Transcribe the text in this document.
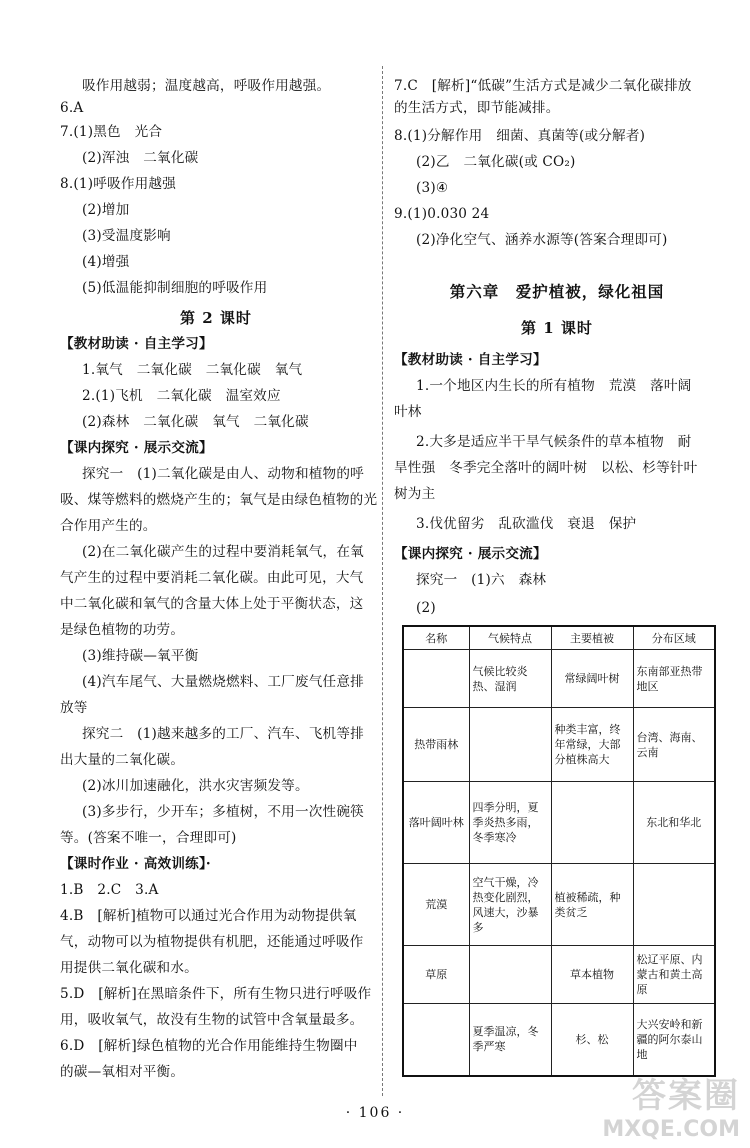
吸作用越弱；温度越高，呼吸作用越强。
6.A
7.(1)黑色　光合
(2)浑浊　二氧化碳
8.(1)呼吸作用越强
(2)增加
(3)受温度影响
(4)增强
(5)低温能抑制细胞的呼吸作用
第 2 课时
【教材助读 · 自主学习】
1.氧气　二氧化碳　二氧化碳　氧气
2.(1)飞机　二氧化碳　温室效应
(2)森林　二氧化碳　氧气　二氧化碳
【课内探究 · 展示交流】
探究一　(1)二氧化碳是由人、动物和植物的呼
吸、煤等燃料的燃烧产生的；氧气是由绿色植物的光
合作用产生的。
(2)在二氧化碳产生的过程中要消耗氧气，在氧
气产生的过程中要消耗二氧化碳。由此可见，大气
中二氧化碳和氧气的含量大体上处于平衡状态，这
是绿色植物的功劳。
(3)维持碳—氧平衡
(4)汽车尾气、大量燃烧燃料、工厂废气任意排
放等
探究二　(1)越来越多的工厂、汽车、飞机等排
出大量的二氧化碳。
(2)冰川加速融化，洪水灾害频发等。
(3)多步行，少开车；多植树，不用一次性碗筷
等。(答案不唯一，合理即可)
【课时作业 · 高效训练】·
1.B　2.C　3.A
4.B　[解析]植物可以通过光合作用为动物提供氧
气，动物可以为植物提供有机肥，还能通过呼吸作
用提供二氧化碳和水。
5.D　[解析]在黑暗条件下，所有生物只进行呼吸作
用，吸收氧气，故没有生物的试管中含氧量最多。
6.D　[解析]绿色植物的光合作用能维持生物圈中
的碳—氧相对平衡。
7.C　[解析]“低碳”生活方式是减少二氧化碳排放
的生活方式，即节能减排。
8.(1)分解作用　细菌、真菌等(或分解者)
(2)乙　二氧化碳(或 CO₂)
(3)④
9.(1)0.030 24
(2)净化空气、涵养水源等(答案合理即可)
第六章　爱护植被，绿化祖国
第 1 课时
【教材助读 · 自主学习】
1.一个地区内生长的所有植物　荒漠　落叶阔
叶林
2.大多是适应半干旱气候条件的草本植物　耐
旱性强　冬季完全落叶的阔叶树　以松、杉等针叶
树为主
3.伐优留劣　乱砍滥伐　衰退　保护
【课内探究 · 展示交流】
探究一　(1)六　森林
(2)
名称	气候特点	主要植被	分布区域
	气候比较炎热、湿润	常绿阔叶树	东南部亚热带地区
热带雨林		种类丰富，终年常绿，大部分植株高大	台湾、海南、云南
落叶阔叶林	四季分明，夏季炎热多雨，冬季寒冷		东北和华北
荒漠	空气干燥，冷热变化剧烈，风速大，沙暴多	植被稀疏，种类贫乏	
草原		草本植物	松辽平原、内蒙古和黄土高原
	夏季温凉，冬季严寒	杉、松	大兴安岭和新疆的阿尔泰山地
· 106 ·	答案圈
MXQE.COM
